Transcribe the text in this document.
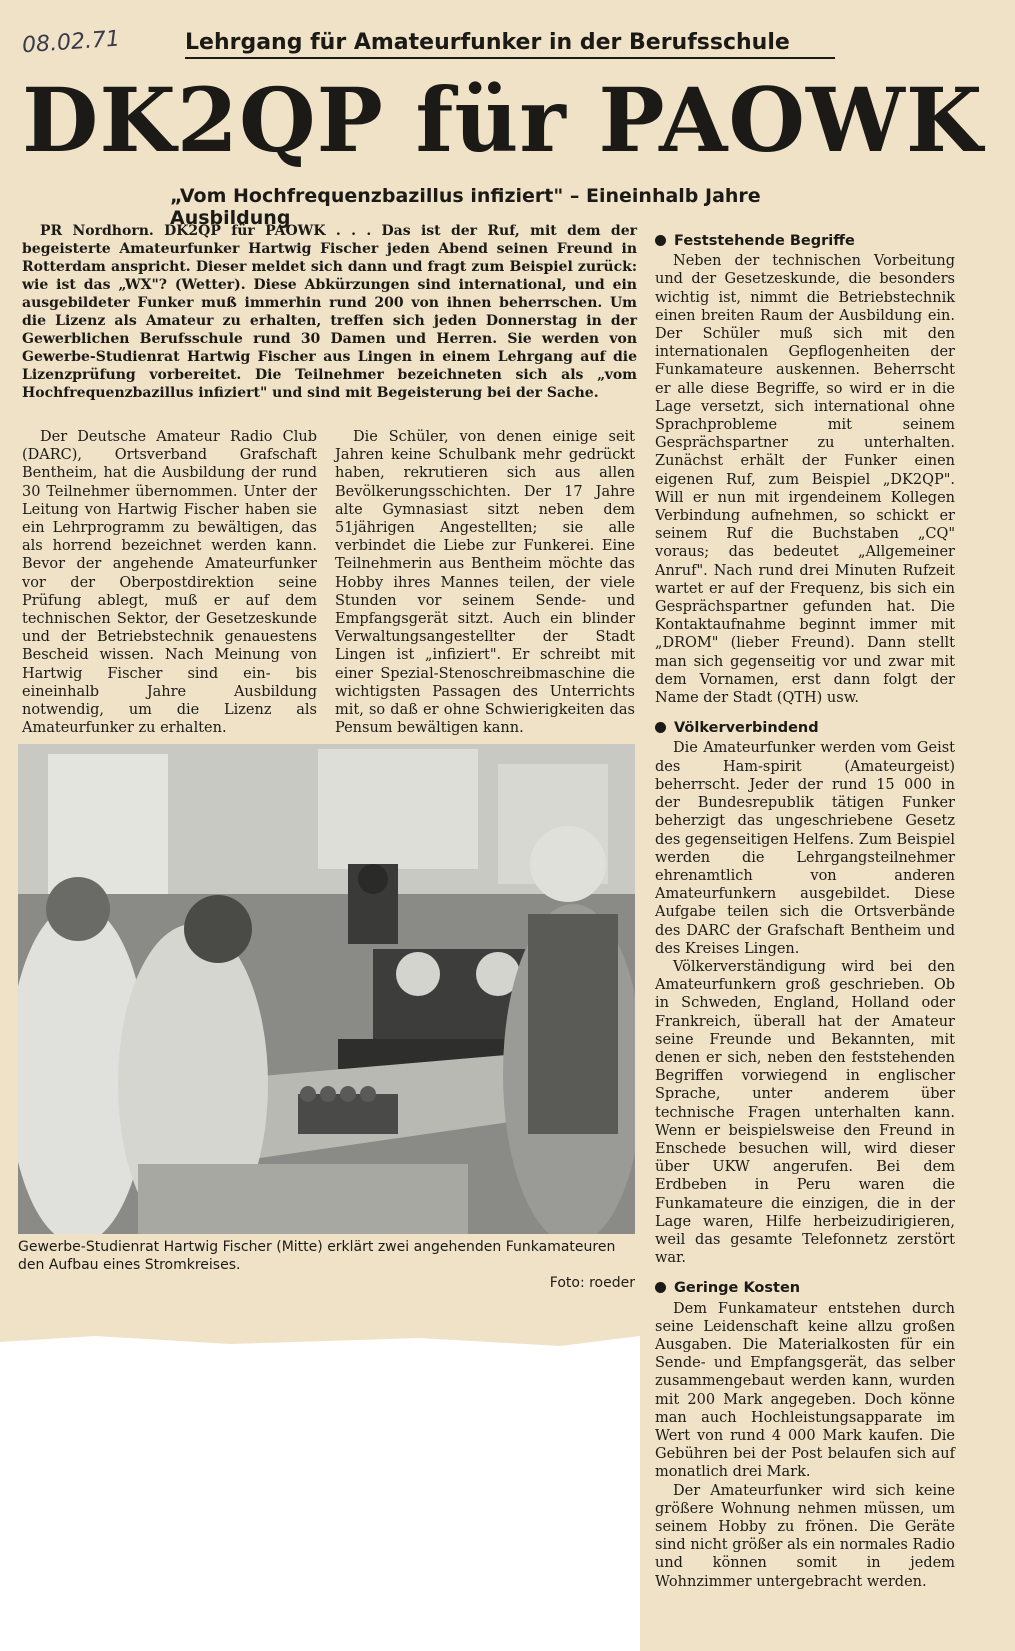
08.02.71	Lehrgang für Amateurfunker in der Berufsschule
DK2QP für PAOWK
„Vom Hochfrequenzbazillus infiziert" – Eineinhalb Jahre Ausbildung
PR Nordhorn. DK2QP für PAOWK . . . Das ist der Ruf, mit dem der begeisterte Amateurfunker Hartwig Fischer jeden Abend seinen Freund in Rotterdam anspricht. Dieser meldet sich dann und fragt zum Beispiel zurück: wie ist das „WX"? (Wetter). Diese Abkürzungen sind international, und ein ausgebildeter Funker muß immerhin rund 200 von ihnen beherrschen. Um die Lizenz als Amateur zu erhalten, treffen sich jeden Donnerstag in der Gewerblichen Berufsschule rund 30 Damen und Herren. Sie werden von Gewerbe-Studienrat Hartwig Fischer aus Lingen in einem Lehrgang auf die Lizenzprüfung vorbereitet. Die Teilnehmer bezeichneten sich als „vom Hochfrequenzbazillus infiziert" und sind mit Begeisterung bei der Sache.

Der Deutsche Amateur Radio Club (DARC), Ortsverband Grafschaft Bentheim, hat die Ausbildung der rund 30 Teilnehmer übernommen. Unter der Leitung von Hartwig Fischer haben sie ein Lehrprogramm zu bewältigen, das als horrend bezeichnet werden kann. Bevor der angehende Amateurfunker vor der Oberpostdirektion seine Prüfung ablegt, muß er auf dem technischen Sektor, der Gesetzeskunde und der Betriebstechnik genauestens Bescheid wissen. Nach Meinung von Hartwig Fischer sind ein- bis eineinhalb Jahre Ausbildung notwendig, um die Lizenz als Amateurfunker zu erhalten.

Die Schüler, von denen einige seit Jahren keine Schulbank mehr gedrückt haben, rekrutieren sich aus allen Bevölkerungsschichten. Der 17 Jahre alte Gymnasiast sitzt neben dem 51jährigen Angestellten; sie alle verbindet die Liebe zur Funkerei. Eine Teilnehmerin aus Bentheim möchte das Hobby ihres Mannes teilen, der viele Stunden vor seinem Sende- und Empfangsgerät sitzt. Auch ein blinder Verwaltungsangestellter der Stadt Lingen ist „infiziert". Er schreibt mit einer Spezial-Stenoschreibmaschine die wichtigsten Passagen des Unterrichts mit, so daß er ohne Schwierigkeiten das Pensum bewältigen kann.

Feststehende Begriffe

Neben der technischen Vorbeitung und der Gesetzeskunde, die besonders wichtig ist, nimmt die Betriebstechnik einen breiten Raum der Ausbildung ein. Der Schüler muß sich mit den internationalen Gepflogenheiten der Funkamateure auskennen. Beherrscht er alle diese Begriffe, so wird er in die Lage versetzt, sich international ohne Sprachprobleme mit seinem Gesprächspartner zu unterhalten. Zunächst erhält der Funker einen eigenen Ruf, zum Beispiel „DK2QP". Will er nun mit irgendeinem Kollegen Verbindung aufnehmen, so schickt er seinem Ruf die Buchstaben „CQ" voraus; das bedeutet „Allgemeiner Anruf". Nach rund drei Minuten Rufzeit wartet er auf der Frequenz, bis sich ein Gesprächspartner gefunden hat. Die Kontaktaufnahme beginnt immer mit „DROM" (lieber Freund). Dann stellt man sich gegenseitig vor und zwar mit dem Vornamen, erst dann folgt der Name der Stadt (QTH) usw.

Völkerverbindend

Die Amateurfunker werden vom Geist des Ham-spirit (Amateurgeist) beherrscht. Jeder der rund 15 000 in der Bundesrepublik tätigen Funker beherzigt das ungeschriebene Gesetz des gegenseitigen Helfens. Zum Beispiel werden die Lehrgangsteilnehmer ehrenamtlich von anderen Amateurfunkern ausgebildet. Diese Aufgabe teilen sich die Ortsverbände des DARC der Grafschaft Bentheim und des Kreises Lingen.

Völkerverständigung wird bei den Amateurfunkern groß geschrieben. Ob in Schweden, England, Holland oder Frankreich, überall hat der Amateur seine Freunde und Bekannten, mit denen er sich, neben den feststehenden Begriffen vorwiegend in englischer Sprache, unter anderem über technische Fragen unterhalten kann. Wenn er beispielsweise den Freund in Enschede besuchen will, wird dieser über UKW angerufen. Bei dem Erdbeben in Peru waren die Funkamateure die einzigen, die in der Lage waren, Hilfe herbeizudirigieren, weil das gesamte Telefonnetz zerstört war.

Geringe Kosten

Dem Funkamateur entstehen durch seine Leidenschaft keine allzu großen Ausgaben. Die Materialkosten für ein Sende- und Empfangsgerät, das selber zusammengebaut werden kann, wurden mit 200 Mark angegeben. Doch könne man auch Hochleistungsapparate im Wert von rund 4 000 Mark kaufen. Die Gebühren bei der Post belaufen sich auf monatlich drei Mark.

Der Amateurfunker wird sich keine größere Wohnung nehmen müssen, um seinem Hobby zu frönen. Die Geräte sind nicht größer als ein normales Radio und können somit in jedem Wohnzimmer untergebracht werden.

Gewerbe-Studienrat Hartwig Fischer (Mitte) erklärt zwei angehenden Funkamateuren den Aufbau eines Stromkreises.
Foto: roeder
